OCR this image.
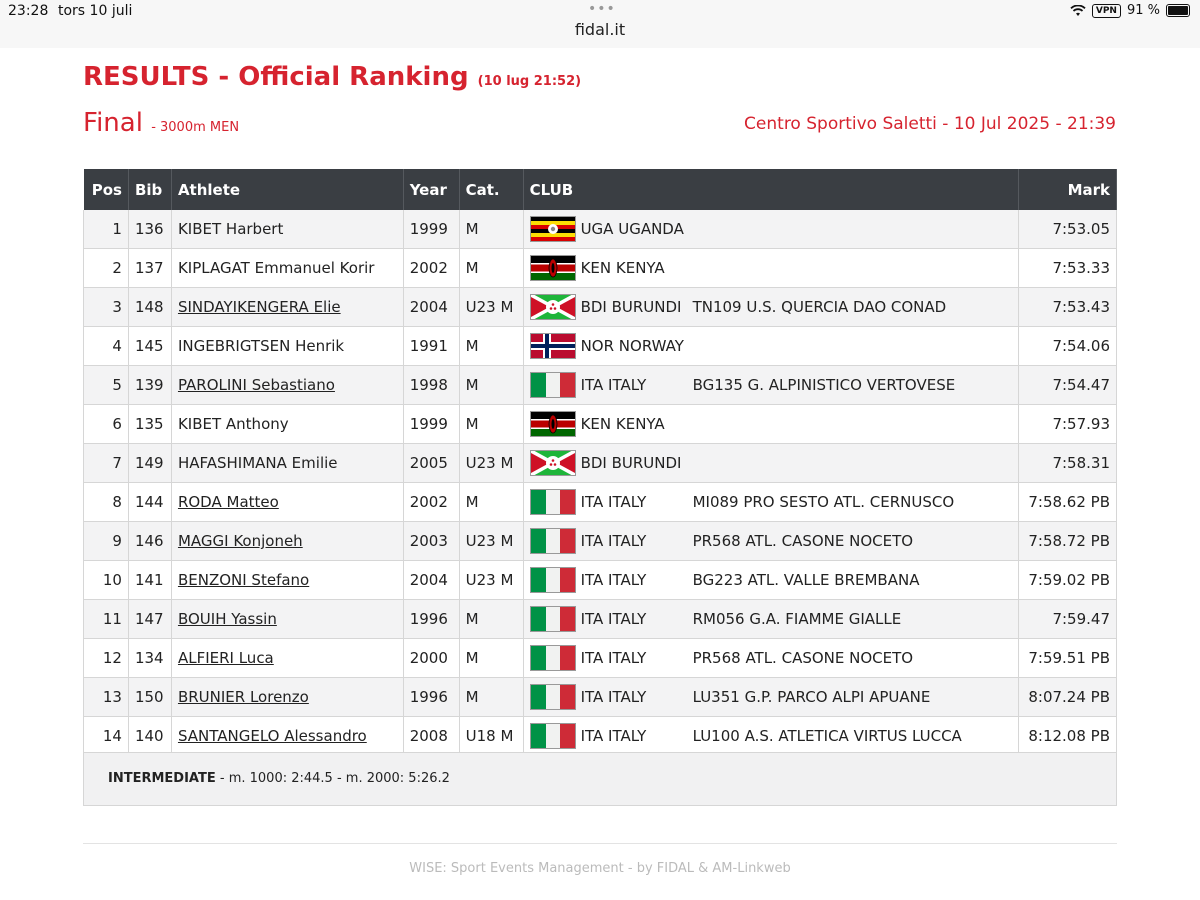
23:28 tors 10 juli	•••
fidal.it
VPN 91 %
RESULTS - Official Ranking (10 lug 21:52)
Final - 3000m MEN	Centro Sportivo Saletti - 10 Jul 2025 - 21:39
Pos	Bib	Athlete	Year	Cat.	CLUB	Mark
1	136	KIBET Harbert	1999	M	UGA UGANDA	7:53.05
2	137	KIPLAGAT Emmanuel Korir	2002	M	KEN KENYA	7:53.33
3	148	SINDAYIKENGERA Elie	2004	U23 M	BDI BURUNDI TN109 U.S. QUERCIA DAO CONAD	7:53.43
4	145	INGEBRIGTSEN Henrik	1991	M	NOR NORWAY	7:54.06
5	139	PAROLINI Sebastiano	1998	M	ITA ITALY BG135 G. ALPINISTICO VERTOVESE	7:54.47
6	135	KIBET Anthony	1999	M	KEN KENYA	7:57.93
7	149	HAFASHIMANA Emilie	2005	U23 M	BDI BURUNDI	7:58.31
8	144	RODA Matteo	2002	M	ITA ITALY MI089 PRO SESTO ATL. CERNUSCO	7:58.62 PB
9	146	MAGGI Konjoneh	2003	U23 M	ITA ITALY PR568 ATL. CASONE NOCETO	7:58.72 PB
10	141	BENZONI Stefano	2004	U23 M	ITA ITALY BG223 ATL. VALLE BREMBANA	7:59.02 PB
11	147	BOUIH Yassin	1996	M	ITA ITALY RM056 G.A. FIAMME GIALLE	7:59.47
12	134	ALFIERI Luca	2000	M	ITA ITALY PR568 ATL. CASONE NOCETO	7:59.51 PB
13	150	BRUNIER Lorenzo	1996	M	ITA ITALY LU351 G.P. PARCO ALPI APUANE	8:07.24 PB
14	140	SANTANGELO Alessandro	2008	U18 M	ITA ITALY LU100 A.S. ATLETICA VIRTUS LUCCA	8:12.08 PB
INTERMEDIATE - m. 1000: 2:44.5 - m. 2000: 5:26.2
WISE: Sport Events Management - by FIDAL & AM-Linkweb
